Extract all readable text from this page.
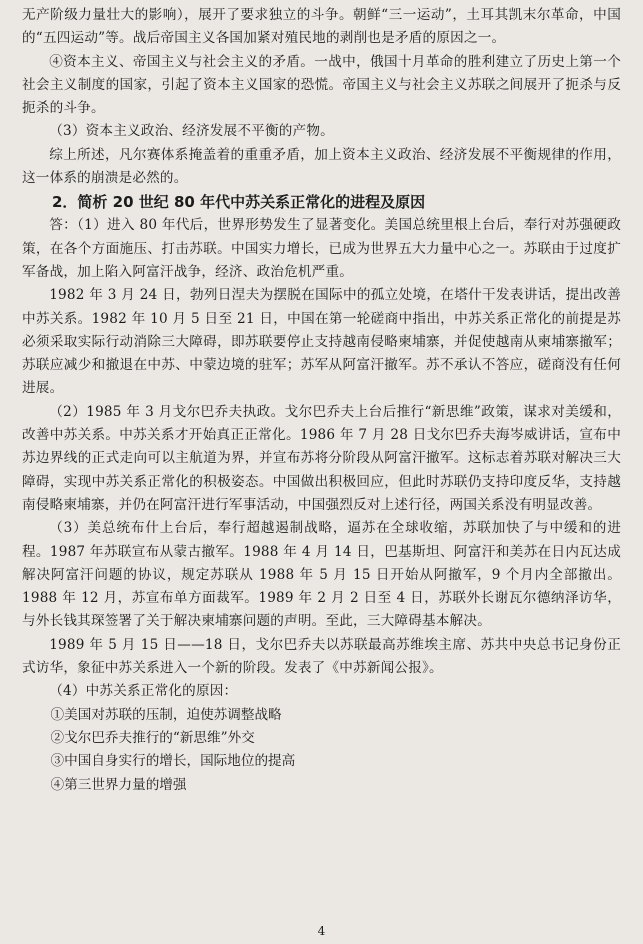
无产阶级力量壮大的影响），展开了要求独立的斗争。朝鲜“三一运动”，土耳其凯末尔革命，中国的“五四运动”等。战后帝国主义各国加紧对殖民地的剥削也是矛盾的原因之一。

④资本主义、帝国主义与社会主义的矛盾。一战中，俄国十月革命的胜利建立了历史上第一个社会主义制度的国家，引起了资本主义国家的恐慌。帝国主义与社会主义苏联之间展开了扼杀与反扼杀的斗争。

（3）资本主义政治、经济发展不平衡的产物。

综上所述，凡尔赛体系掩盖着的重重矛盾，加上资本主义政治、经济发展不平衡规律的作用，这一体系的崩溃是必然的。

2．简析 20 世纪 80 年代中苏关系正常化的进程及原因

答：（1）进入 80 年代后，世界形势发生了显著变化。美国总统里根上台后，奉行对苏强硬政策，在各个方面施压、打击苏联。中国实力增长，已成为世界五大力量中心之一。苏联由于过度扩军备战，加上陷入阿富汗战争，经济、政治危机严重。

1982 年 3 月 24 日，勃列日涅夫为摆脱在国际中的孤立处境，在塔什干发表讲话，提出改善中苏关系。1982 年 10 月 5 日至 21 日，中国在第一轮磋商中指出，中苏关系正常化的前提是苏必须采取实际行动消除三大障碍，即苏联要停止支持越南侵略柬埔寨，并促使越南从柬埔寨撤军；苏联应减少和撤退在中苏、中蒙边境的驻军；苏军从阿富汗撤军。苏不承认不答应，磋商没有任何进展。

（2）1985 年 3 月戈尔巴乔夫执政。戈尔巴乔夫上台后推行“新思维”政策，谋求对美缓和，改善中苏关系。中苏关系才开始真正正常化。1986 年 7 月 28 日戈尔巴乔夫海岑威讲话，宣布中苏边界线的正式走向可以主航道为界，并宣布苏将分阶段从阿富汗撤军。这标志着苏联对解决三大障碍，实现中苏关系正常化的积极姿态。中国做出积极回应，但此时苏联仍支持印度反华，支持越南侵略柬埔寨，并仍在阿富汗进行军事活动，中国强烈反对上述行径，两国关系没有明显改善。

（3）美总统布什上台后，奉行超越遏制战略，逼苏在全球收缩，苏联加快了与中缓和的进程。1987 年苏联宣布从蒙古撤军。1988 年 4 月 14 日，巴基斯坦、阿富汗和美苏在日内瓦达成解决阿富汗问题的协议，规定苏联从 1988 年 5 月 15 日开始从阿撤军，9 个月内全部撤出。1988 年 12 月，苏宣布单方面裁军。1989 年 2 月 2 日至 4 日，苏联外长谢瓦尔德纳泽访华，与外长钱其琛签署了关于解决柬埔寨问题的声明。至此，三大障碍基本解决。

1989 年 5 月 15 日——18 日，戈尔巴乔夫以苏联最高苏维埃主席、苏共中央总书记身份正式访华，象征中苏关系进入一个新的阶段。发表了《中苏新闻公报》。

（4）中苏关系正常化的原因：

①美国对苏联的压制，迫使苏调整战略

②戈尔巴乔夫推行的“新思维”外交

③中国自身实行的增长，国际地位的提高

④第三世界力量的增强

4
